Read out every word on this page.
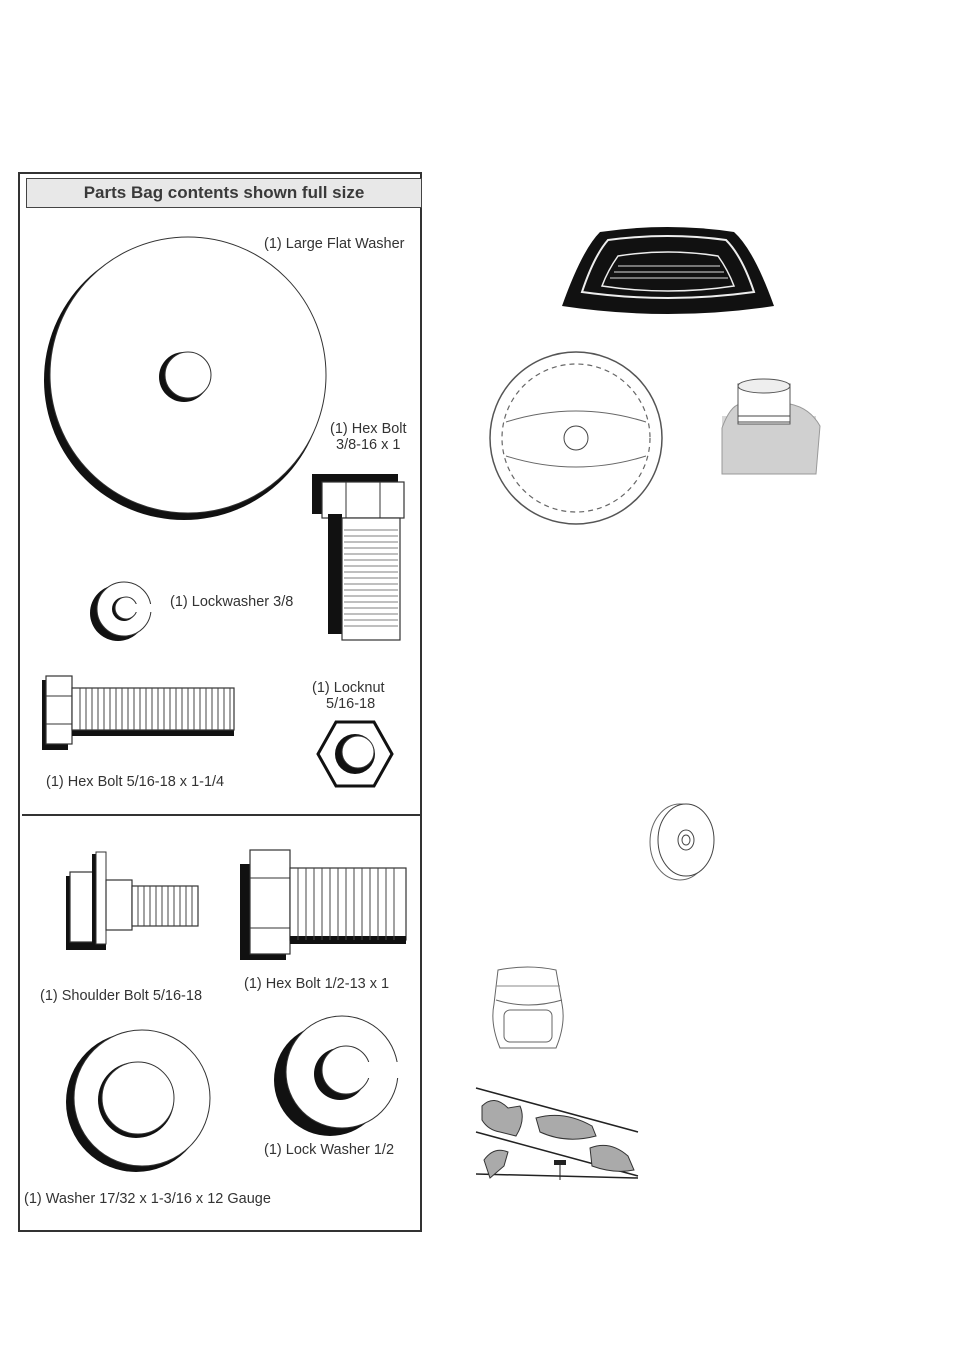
Parts Bag contents shown full size
(1) Large Flat Washer
(1) Hex Bolt
3/8-16 x 1
(1) Lockwasher 3/8
(1) Hex Bolt 5/16-18 x 1-1/4
(1) Locknut
5/16-18
(1) Shoulder Bolt 5/16-18
(1) Hex Bolt 1/2-13 x 1
(1) Washer 17/32 x 1-3/16 x 12 Gauge
(1) Lock Washer 1/2
